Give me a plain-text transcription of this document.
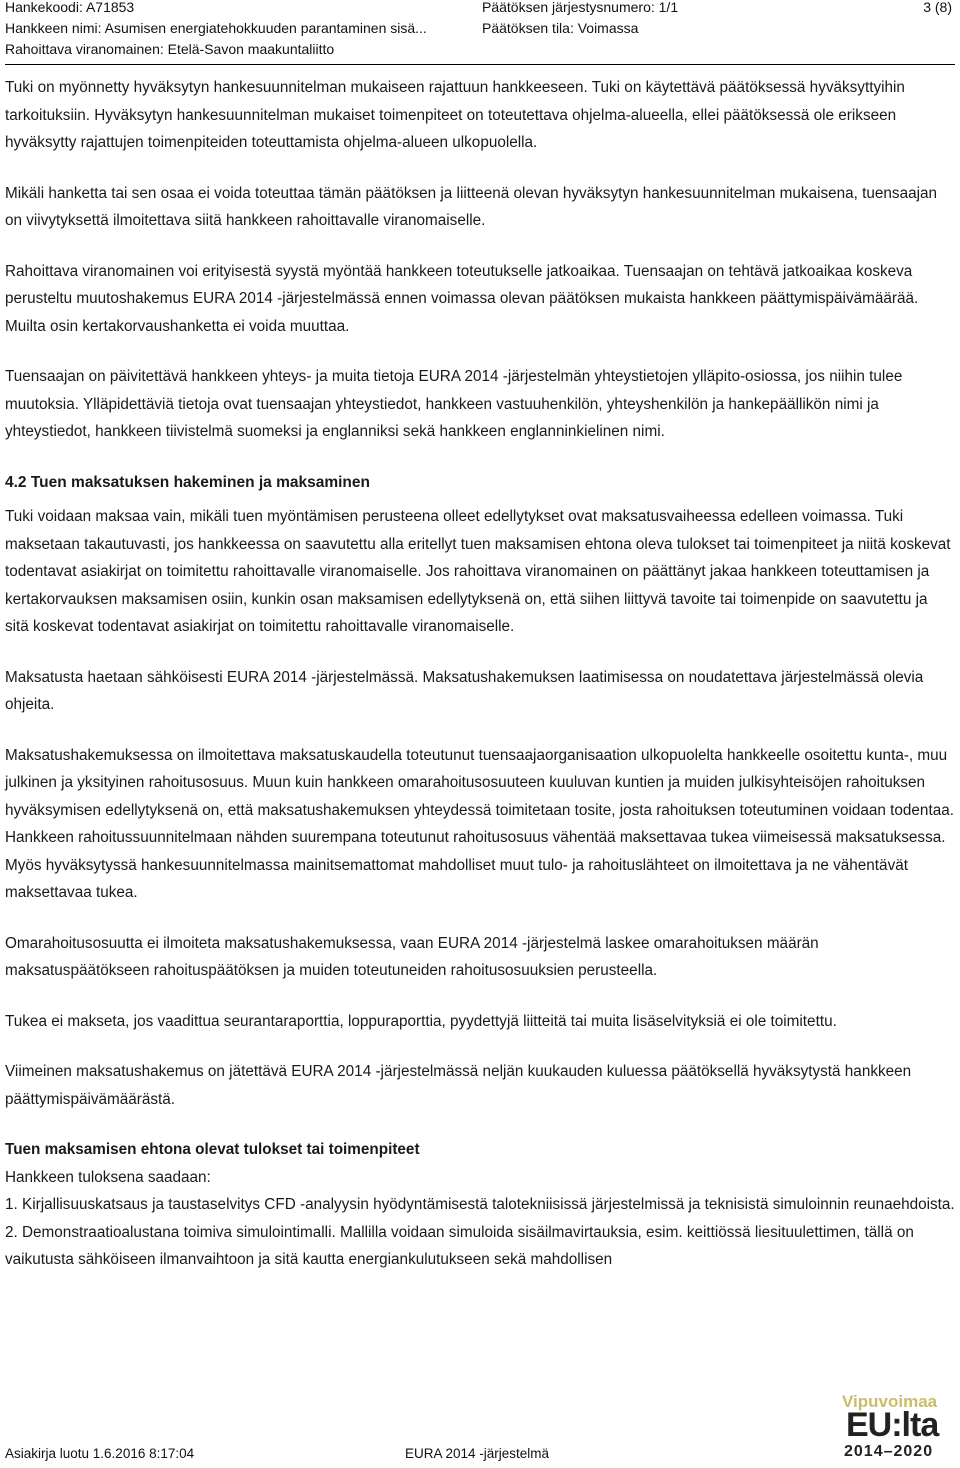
Hankekoodi: A71853
Hankkeen nimi: Asumisen energiatehokkuuden parantaminen sisä...
Rahoittava viranomainen: Etelä-Savon maakuntaliitto
Päätöksen järjestysnumero: 1/1
Päätöksen tila: Voimassa
3 (8)

Tuki on myönnetty hyväksytyn hankesuunnitelman mukaiseen rajattuun hankkeeseen. Tuki on käytettävä päätöksessä hyväksyttyihin tarkoituksiin. Hyväksytyn hankesuunnitelman mukaiset toimenpiteet on toteutettava ohjelma-alueella, ellei päätöksessä ole erikseen hyväksytty rajattujen toimenpiteiden toteuttamista ohjelma-alueen ulkopuolella.

Mikäli hanketta tai sen osaa ei voida toteuttaa tämän päätöksen ja liitteenä olevan hyväksytyn hankesuunnitelman mukaisena, tuensaajan on viivytyksettä ilmoitettava siitä hankkeen rahoittavalle viranomaiselle.

Rahoittava viranomainen voi erityisestä syystä myöntää hankkeen toteutukselle jatkoaikaa. Tuensaajan on tehtävä jatkoaikaa koskeva perusteltu muutoshakemus EURA 2014 -järjestelmässä ennen voimassa olevan päätöksen mukaista hankkeen päättymispäivämäärää. Muilta osin kertakorvaushanketta ei voida muuttaa.

Tuensaajan on päivitettävä hankkeen yhteys- ja muita tietoja EURA 2014 -järjestelmän yhteystietojen ylläpito-osiossa, jos niihin tulee muutoksia. Ylläpidettäviä tietoja ovat tuensaajan yhteystiedot, hankkeen vastuuhenkilön, yhteyshenkilön ja hankepäällikön nimi ja yhteystiedot, hankkeen tiivistelmä suomeksi ja englanniksi sekä hankkeen englanninkielinen nimi.

4.2 Tuen maksatuksen hakeminen ja maksaminen

Tuki voidaan maksaa vain, mikäli tuen myöntämisen perusteena olleet edellytykset ovat maksatusvaiheessa edelleen voimassa. Tuki maksetaan takautuvasti, jos hankkeessa on saavutettu alla eritellyt tuen maksamisen ehtona oleva tulokset tai toimenpiteet ja niitä koskevat todentavat asiakirjat on toimitettu rahoittavalle viranomaiselle. Jos rahoittava viranomainen on päättänyt jakaa hankkeen toteuttamisen ja kertakorvauksen maksamisen osiin, kunkin osan maksamisen edellytyksenä on, että siihen liittyvä tavoite tai toimenpide on saavutettu ja sitä koskevat todentavat asiakirjat on toimitettu rahoittavalle viranomaiselle.

Maksatusta haetaan sähköisesti EURA 2014 -järjestelmässä. Maksatushakemuksen laatimisessa on noudatettava järjestelmässä olevia ohjeita.

Maksatushakemuksessa on ilmoitettava maksatuskaudella toteutunut tuensaajaorganisaation ulkopuolelta hankkeelle osoitettu kunta-, muu julkinen ja yksityinen rahoitusosuus. Muun kuin hankkeen omarahoitusosuuteen kuuluvan kuntien ja muiden julkisyhteisöjen rahoituksen hyväksymisen edellytyksenä on, että maksatushakemuksen yhteydessä toimitetaan tosite, josta rahoituksen toteutuminen voidaan todentaa. Hankkeen rahoitussuunnitelmaan nähden suurempana toteutunut rahoitusosuus vähentää maksettavaa tukea viimeisessä maksatuksessa. Myös hyväksytyssä hankesuunnitelmassa mainitsemattomat mahdolliset muut tulo- ja rahoituslähteet on ilmoitettava ja ne vähentävät maksettavaa tukea.

Omarahoitusosuutta ei ilmoiteta maksatushakemuksessa, vaan EURA 2014 -järjestelmä laskee omarahoituksen määrän maksatuspäätökseen rahoituspäätöksen ja muiden toteutuneiden rahoitusosuuksien perusteella.

Tukea ei makseta, jos vaadittua seurantaraporttia, loppuraporttia, pyydettyjä liitteitä tai muita lisäselvityksiä ei ole toimitettu.

Viimeinen maksatushakemus on jätettävä EURA 2014 -järjestelmässä neljän kuukauden kuluessa päätöksellä hyväksytystä hankkeen päättymispäivämäärästä.

Tuen maksamisen ehtona olevat tulokset tai toimenpiteet
Hankkeen tuloksena saadaan:
1. Kirjallisuuskatsaus ja taustaselvitys CFD -analyysin hyödyntämisestä talotekniisissä järjestelmissä ja teknisistä simuloinnin reunaehdoista.
2. Demonstraatioalustana toimiva simulointimalli. Mallilla voidaan simuloida sisäilmavirtauksia, esim. keittiössä liesituulettimen, tällä on vaikutusta sähköiseen ilmanvaihtoon ja sitä kautta energiankulutukseen sekä mahdollisen
Vipuvoimaa
EU:lta
2014–2020
Asiakirja luotu 1.6.2016 8:17:04	EURA 2014 -järjestelmä
